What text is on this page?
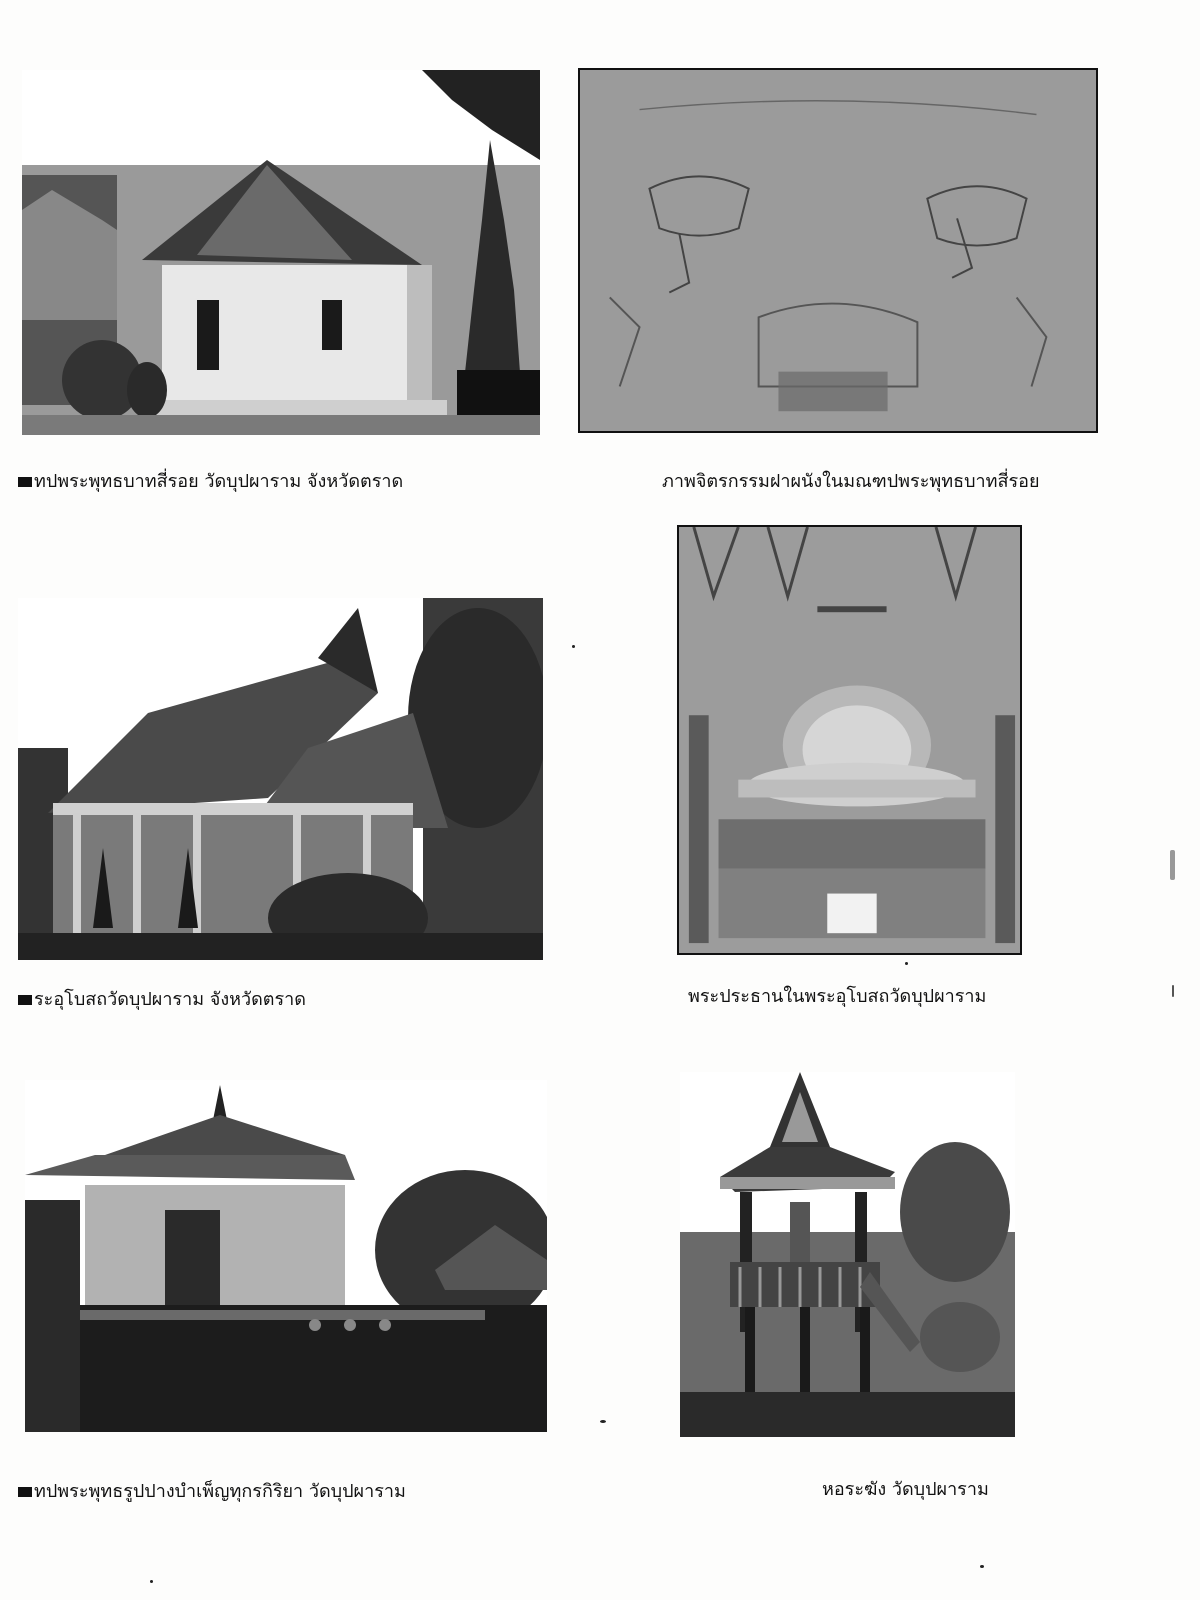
ทปพระพุทธบาทสี่รอย วัดบุปผาราม จังหวัดตราด	ภาพจิตรกรรมฝาผนังในมณฑปพระพุทธบาทสี่รอย
ระอุโบสถวัดบุปผาราม จังหวัดตราด	พระประธานในพระอุโบสถวัดบุปผาราม
ทปพระพุทธรูปปางบำเพ็ญทุกรกิริยา วัดบุปผาราม	หอระฆัง วัดบุปผาราม
